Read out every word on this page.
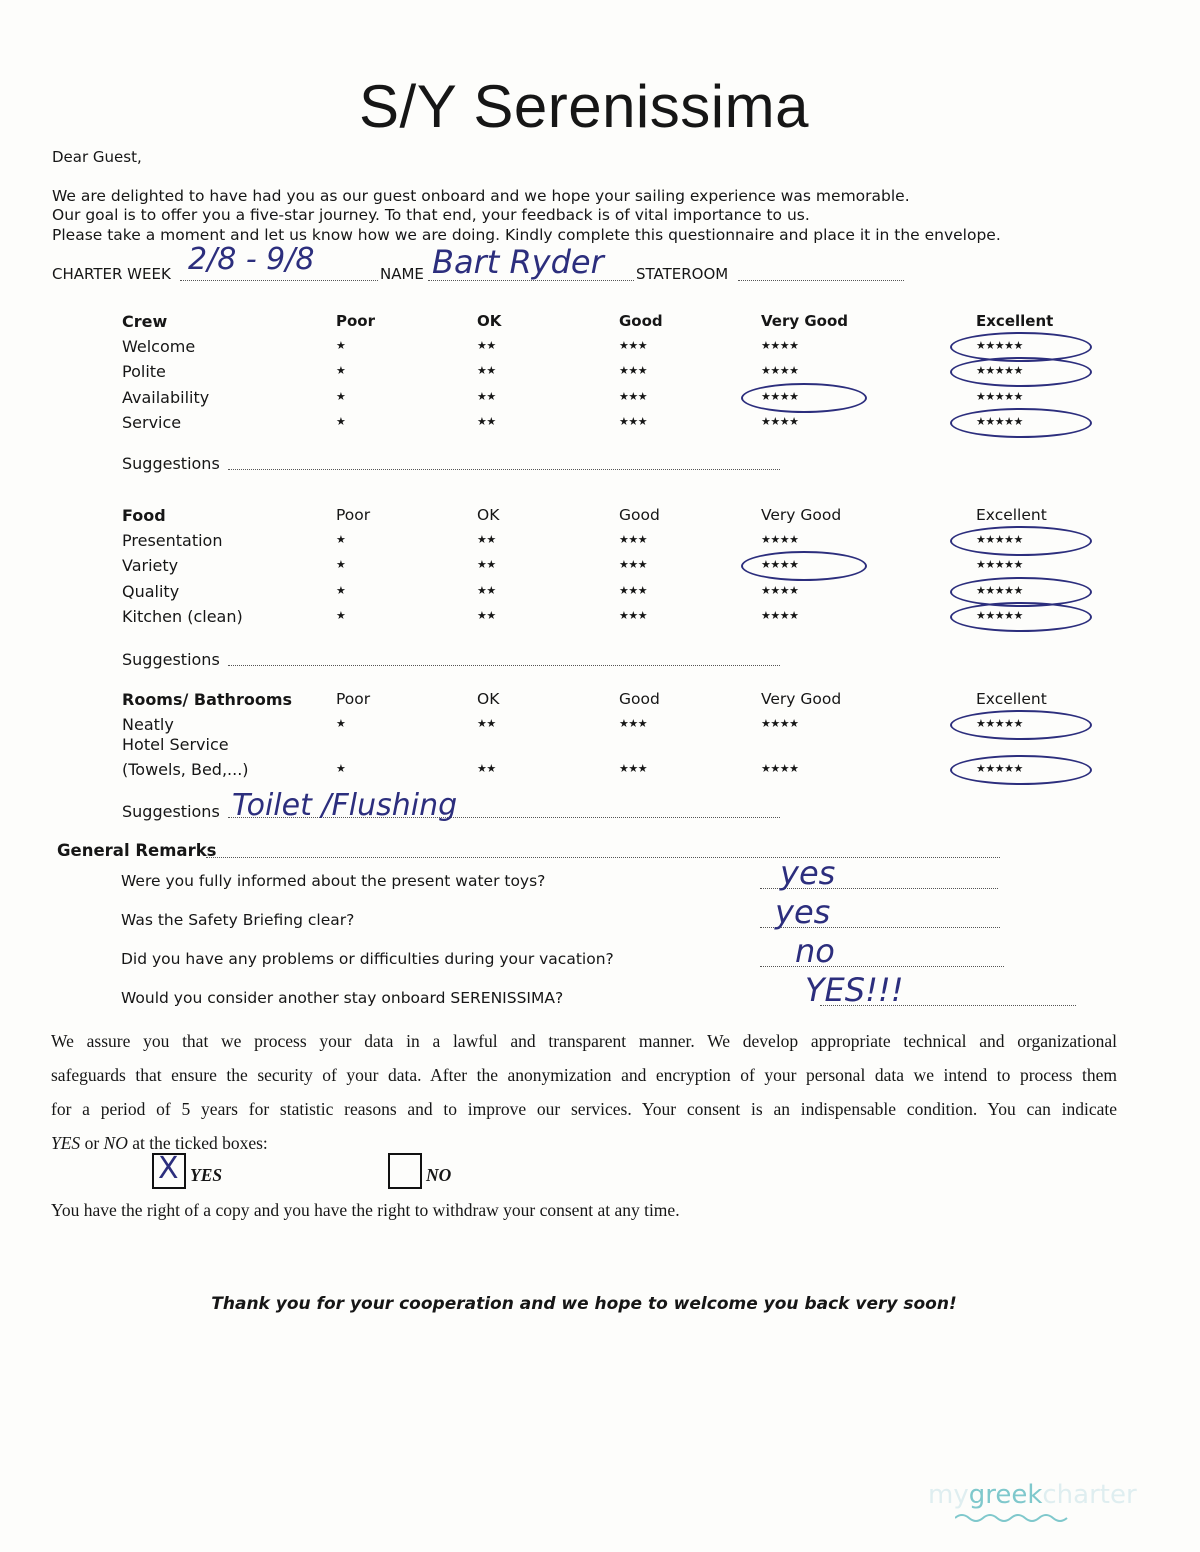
S/Y Serenissima
Dear Guest,
We are delighted to have had you as our guest onboard and we hope your sailing experience was memorable.
Our goal is to offer you a five-star journey. To that end, your feedback is of vital importance to us.
Please take a moment and let us know how we are doing. Kindly complete this questionnaire and place it in the envelope.
CHARTER WEEK 2/8 - 9/8	NAME Bart Ryder STATEROOM
Crew	Poor	OK	Good	Very Good	Excellent
Welcome	★	★★	★★★	★★★★	★★★★★
Polite	★	★★	★★★	★★★★	★★★★★
Availability	★	★★	★★★	★★★★	★★★★★
Service	★	★★	★★★	★★★★	★★★★★
Suggestions
Food	Poor	OK	Good	Very Good	Excellent
Presentation	★	★★	★★★	★★★★	★★★★★
Variety	★	★★	★★★	★★★★	★★★★★
Quality	★	★★	★★★	★★★★	★★★★★
Kitchen (clean)	★	★★	★★★	★★★★	★★★★★
Suggestions
Rooms/ Bathrooms	Poor	OK	Good	Very Good	Excellent
Neatly	★	★★	★★★	★★★★	★★★★★
Hotel Service
(Towels, Bed,...)	★	★★	★★★	★★★★	★★★★★
Suggestions Toilet /Flushing
General Remarks
Were you fully informed about the present water toys?	yes
Was the Safety Briefing clear?	yes
Did you have any problems or difficulties during your vacation?	no
Would you consider another stay onboard SERENISSIMA?	YES!!!
We assure you that we process your data in a lawful and transparent manner. We develop appropriate technical and organizational
safeguards that ensure the security of your data. After the anonymization and encryption of your personal data we intend to process them
for a period of 5 years for statistic reasons and to improve our services. Your consent is an indispensable condition. You can indicate
YES or NO at the ticked boxes:
X YES	NO
You have the right of a copy and you have the right to withdraw your consent at any time.
Thank you for your cooperation and we hope to welcome you back very soon!
mygreekcharter
